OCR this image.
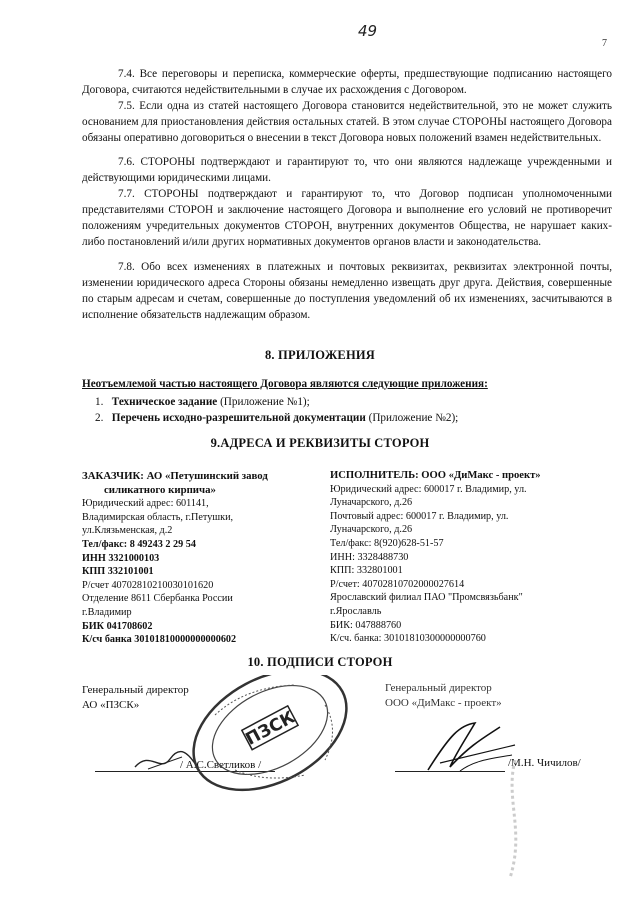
49
7
7.4. Все переговоры и переписка, коммерческие оферты, предшествующие подписанию настоящего Договора, считаются недействительными в случае их расхождения с Договором.
7.5. Если одна из статей настоящего Договора становится недействительной, это не может служить основанием для приостановления действия остальных статей. В этом случае СТОРОНЫ настоящего Договора обязаны оперативно договориться о внесении в текст Договора новых положений взамен недействительных.
7.6. СТОРОНЫ подтверждают и гарантируют то, что они являются надлежаще учрежденными и действующими юридическими лицами.
7.7. СТОРОНЫ подтверждают и гарантируют то, что Договор подписан уполномоченными представителями СТОРОН и заключение настоящего Договора и выполнение его условий не противоречит положениям учредительных документов СТОРОН, внутренних документов Общества, не нарушает каких-либо постановлений и/или других нормативных документов органов власти и законодательства.
7.8. Обо всех изменениях в платежных и почтовых реквизитах, реквизитах электронной почты, изменении юридического адреса Стороны обязаны немедленно извещать друг друга. Действия, совершенные по старым адресам и счетам, совершенные до поступления уведомлений об их изменениях, засчитываются в исполнение обязательств надлежащим образом.
8. ПРИЛОЖЕНИЯ
Неотъемлемой частью настоящего Договора являются следующие приложения:
1. Техническое задание (Приложение №1);
2. Перечень исходно-разрешительной документации (Приложение №2);
9.АДРЕСА И РЕКВИЗИТЫ СТОРОН
ЗАКАЗЧИК: АО «Петушинский завод
силикатного кирпича»
Юридический адрес: 601141,
Владимирская область, г.Петушки,
ул.Клязьменская, д.2
Тел/факс: 8 49243 2 29 54
ИНН 3321000103
КПП 332101001
Р/счет 40702810210030101620
Отделение 8611 Сбербанка России
г.Владимир
БИК 041708602
К/сч банка 30101810000000000602
ИСПОЛНИТЕЛЬ: ООО «ДиМакс - проект»
Юридический адрес: 600017 г. Владимир, ул.
Луначарского, д.26
Почтовый адрес: 600017 г. Владимир, ул.
Луначарского, д.26
Тел/факс: 8(920)628-51-57
ИНН: 3328488730
КПП: 332801001
Р/счет: 40702810702000027614
Ярославский филиал ПАО "Промсвязьбанк"
г.Ярославль
БИК: 047888760
К/сч. банка: 30101810300000000760
10. ПОДПИСИ СТОРОН
Генеральный директор
АО «ПЗСК»
Генеральный директор
ООО «ДиМакс - проект»
/ А.С.Светликов /	/М.Н. Чичилов/
ПЗСК
